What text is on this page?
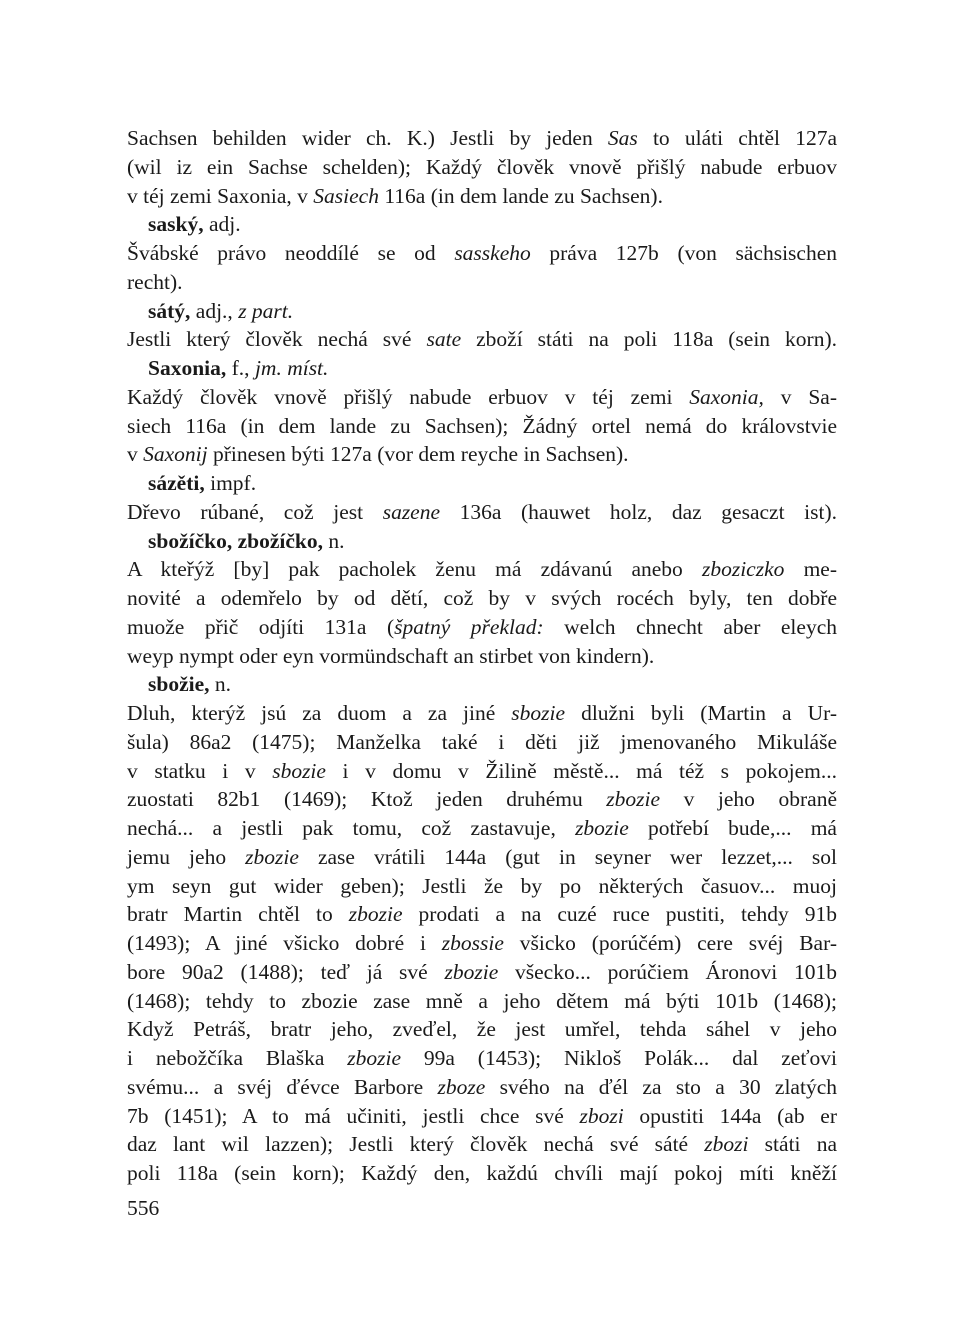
Sachsen behilden wider ch. K.) Jestli by jeden Sas to uláti chtěl 127a
(wil iz ein Sachse schelden); Každý člověk vnově přišlý nabude erbuov
v téj zemi Saxonia, v Sasiech 116a (in dem lande zu Sachsen).
saský, adj.
Švábské právo neoddílé se od sasskeho práva 127b (von sächsischen
recht).
sátý, adj., z part.
Jestli který člověk nechá své sate zboží státi na poli 118a (sein korn).
Saxonia, f., jm. míst.
Každý člověk vnově přišlý nabude erbuov v téj zemi Saxonia, v Sa-
siech 116a (in dem lande zu Sachsen); Žádný ortel nemá do královstvie
v Saxonij přinesen býti 127a (vor dem reyche in Sachsen).
sázěti, impf.
Dřevo rúbané, což jest sazene 136a (hauwet holz, daz gesaczt ist).
sbožíčko, zbožíčko, n.
A kteřýž [by] pak pacholek ženu má zdávanú anebo zboziczko me-
novité a odemřelo by od dětí, což by v svých rocéch byly, ten dobře
muože přič odjíti 131a (špatný překlad: welch chnecht aber eleych
weyp nympt oder eyn vormündschaft an stirbet von kindern).
sbožie, n.
Dluh, kterýž jsú za duom a za jiné sbozie dlužni byli (Martin a Ur-
šula) 86a2 (1475); Manželka také i děti již jmenovaného Mikuláše
v statku i v sbozie i v domu v Žilině městě... má též s pokojem...
zuostati 82b1 (1469); Ktož jeden druhému zbozie v jeho obraně
nechá... a jestli pak tomu, což zastavuje, zbozie potřebí bude,... má
jemu jeho zbozie zase vrátili 144a (gut in seyner wer lezzet,... sol
ym seyn gut wider geben); Jestli že by po některých časuov... muoj
bratr Martin chtěl to zbozie prodati a na cuzé ruce pustiti, tehdy 91b
(1493); A jiné všicko dobré i zbossie všicko (porúčém) cere svéj Bar-
bore 90a2 (1488); teď já své zbozie všecko... porúčiem Áronovi 101b
(1468); tehdy to zbozie zase mně a jeho dětem má býti 101b (1468);
Když Petráš, bratr jeho, zveďel, že jest umřel, tehda sáhel v jeho
i nebožčíka Blaška zbozie 99a (1453); Nikloš Polák... dal zeťovi
svému... a svéj ďévce Barbore zboze svého na ďél za sto a 30 zlatých
7b (1451); A to má učiniti, jestli chce své zbozi opustiti 144a (ab er
daz lant wil lazzen); Jestli který člověk nechá své sáté zbozi státi na
poli 118a (sein korn); Každý den, každú chvíli mají pokoj míti kněží
556
